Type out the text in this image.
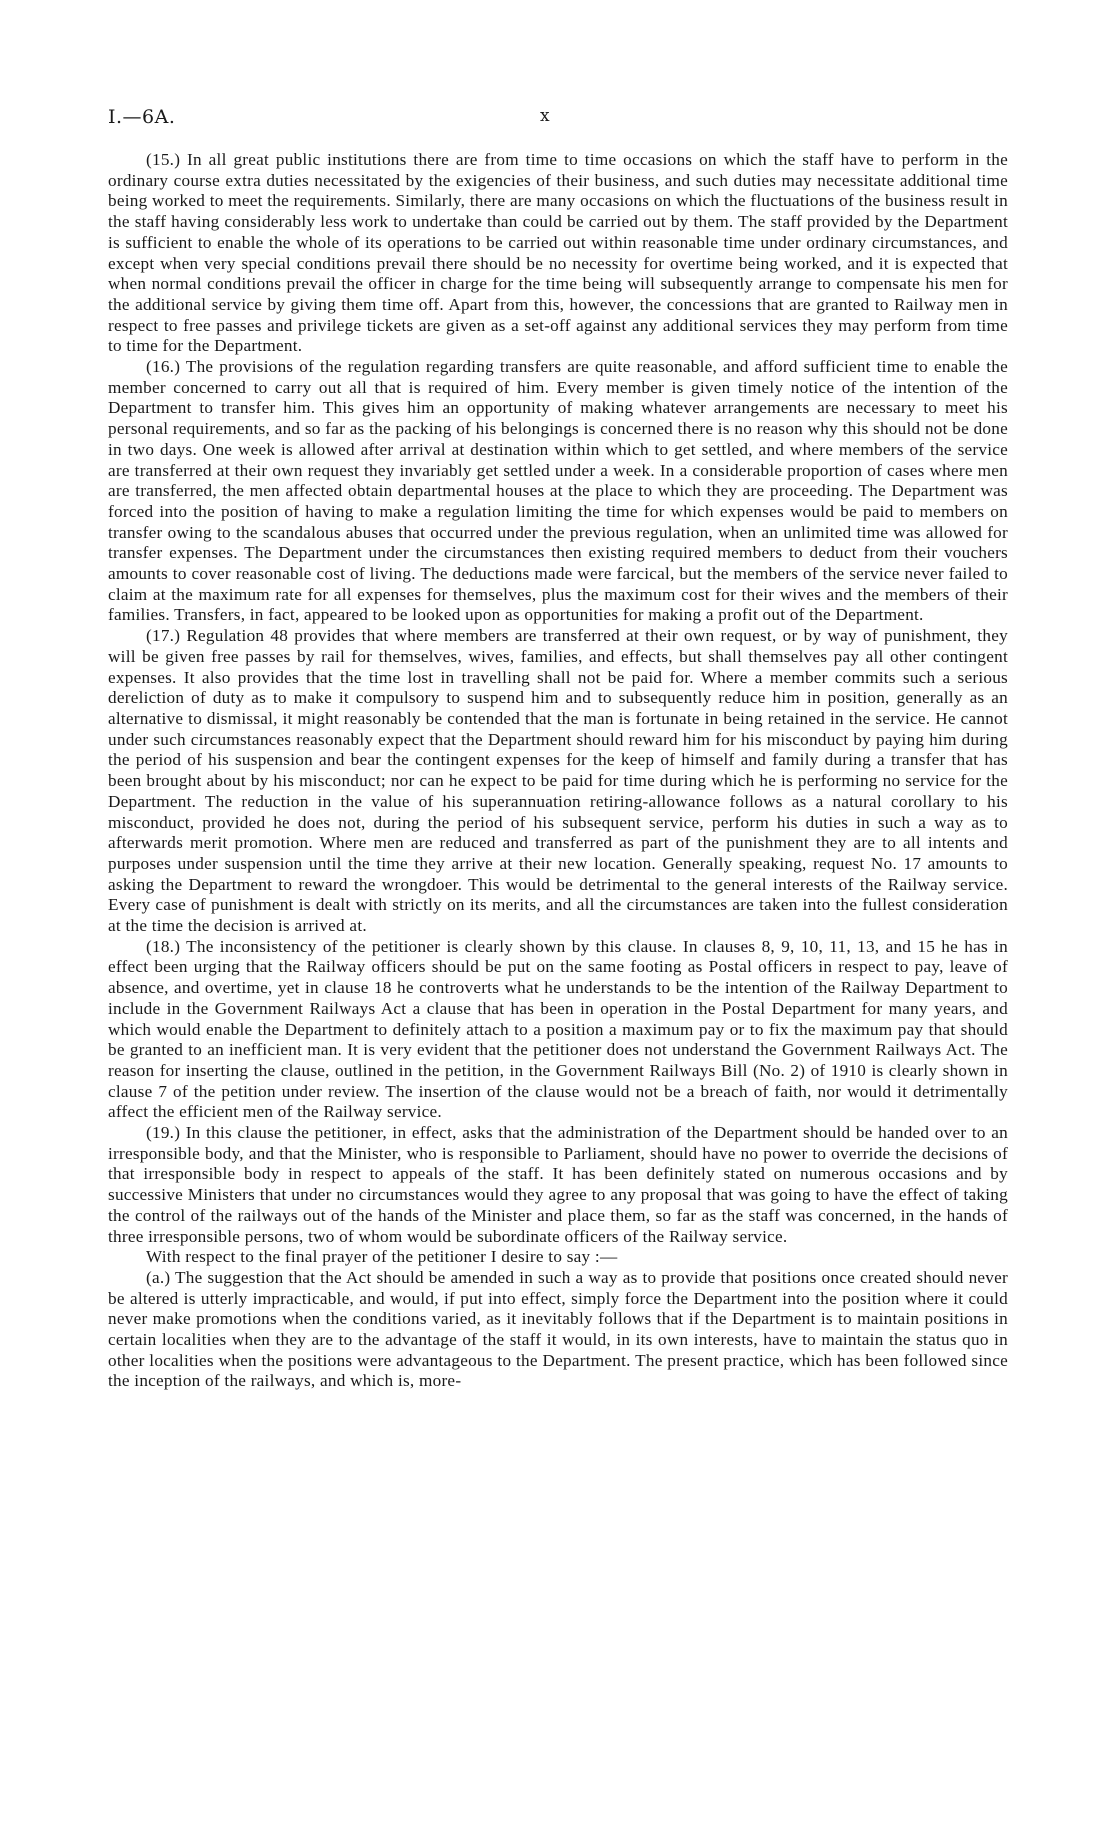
I.—6A.	x

(15.) In all great public institutions there are from time to time occasions on which the staff have to perform in the ordinary course extra duties necessitated by the exigencies of their business, and such duties may necessitate additional time being worked to meet the requirements. Similarly, there are many occasions on which the fluctuations of the business result in the staff having considerably less work to undertake than could be carried out by them. The staff provided by the Department is sufficient to enable the whole of its operations to be carried out within reasonable time under ordinary circumstances, and except when very special conditions prevail there should be no necessity for overtime being worked, and it is expected that when normal conditions prevail the officer in charge for the time being will subsequently arrange to compensate his men for the additional service by giving them time off. Apart from this, however, the concessions that are granted to Railway men in respect to free passes and privilege tickets are given as a set-off against any additional services they may perform from time to time for the Department.

(16.) The provisions of the regulation regarding transfers are quite reasonable, and afford sufficient time to enable the member concerned to carry out all that is required of him. Every member is given timely notice of the intention of the Department to transfer him. This gives him an opportunity of making whatever arrangements are necessary to meet his personal requirements, and so far as the packing of his belongings is concerned there is no reason why this should not be done in two days. One week is allowed after arrival at destination within which to get settled, and where members of the service are transferred at their own request they invariably get settled under a week. In a considerable proportion of cases where men are transferred, the men affected obtain departmental houses at the place to which they are proceeding. The Department was forced into the position of having to make a regulation limiting the time for which expenses would be paid to members on transfer owing to the scandalous abuses that occurred under the previous regulation, when an unlimited time was allowed for transfer expenses. The Department under the circumstances then existing required members to deduct from their vouchers amounts to cover reasonable cost of living. The deductions made were farcical, but the members of the service never failed to claim at the maximum rate for all expenses for themselves, plus the maximum cost for their wives and the members of their families. Transfers, in fact, appeared to be looked upon as opportunities for making a profit out of the Department.

(17.) Regulation 48 provides that where members are transferred at their own request, or by way of punishment, they will be given free passes by rail for themselves, wives, families, and effects, but shall themselves pay all other contingent expenses. It also provides that the time lost in travelling shall not be paid for. Where a member commits such a serious dereliction of duty as to make it compulsory to suspend him and to subsequently reduce him in position, generally as an alternative to dismissal, it might reasonably be contended that the man is fortunate in being retained in the service. He cannot under such circumstances reasonably expect that the Department should reward him for his misconduct by paying him during the period of his suspension and bear the contingent expenses for the keep of himself and family during a transfer that has been brought about by his misconduct; nor can he expect to be paid for time during which he is performing no service for the Department. The reduction in the value of his superannuation retiring-allowance follows as a natural corollary to his misconduct, provided he does not, during the period of his subsequent service, perform his duties in such a way as to afterwards merit promotion. Where men are reduced and transferred as part of the punishment they are to all intents and purposes under suspension until the time they arrive at their new location. Generally speaking, request No. 17 amounts to asking the Department to reward the wrongdoer. This would be detrimental to the general interests of the Railway service. Every case of punishment is dealt with strictly on its merits, and all the circumstances are taken into the fullest consideration at the time the decision is arrived at.

(18.) The inconsistency of the petitioner is clearly shown by this clause. In clauses 8, 9, 10, 11, 13, and 15 he has in effect been urging that the Railway officers should be put on the same footing as Postal officers in respect to pay, leave of absence, and overtime, yet in clause 18 he controverts what he understands to be the intention of the Railway Department to include in the Government Railways Act a clause that has been in operation in the Postal Department for many years, and which would enable the Department to definitely attach to a position a maximum pay or to fix the maximum pay that should be granted to an inefficient man. It is very evident that the petitioner does not understand the Government Railways Act. The reason for inserting the clause, outlined in the petition, in the Government Railways Bill (No. 2) of 1910 is clearly shown in clause 7 of the petition under review. The insertion of the clause would not be a breach of faith, nor would it detrimentally affect the efficient men of the Railway service.

(19.) In this clause the petitioner, in effect, asks that the administration of the Department should be handed over to an irresponsible body, and that the Minister, who is responsible to Parliament, should have no power to override the decisions of that irresponsible body in respect to appeals of the staff. It has been definitely stated on numerous occasions and by successive Ministers that under no circumstances would they agree to any proposal that was going to have the effect of taking the control of the railways out of the hands of the Minister and place them, so far as the staff was concerned, in the hands of three irresponsible persons, two of whom would be subordinate officers of the Railway service.

With respect to the final prayer of the petitioner I desire to say :—

(a.) The suggestion that the Act should be amended in such a way as to provide that positions once created should never be altered is utterly impracticable, and would, if put into effect, simply force the Department into the position where it could never make promotions when the conditions varied, as it inevitably follows that if the Department is to maintain positions in certain localities when they are to the advantage of the staff it would, in its own interests, have to maintain the status quo in other localities when the positions were advantageous to the Department. The present practice, which has been followed since the inception of the railways, and which is, more-
